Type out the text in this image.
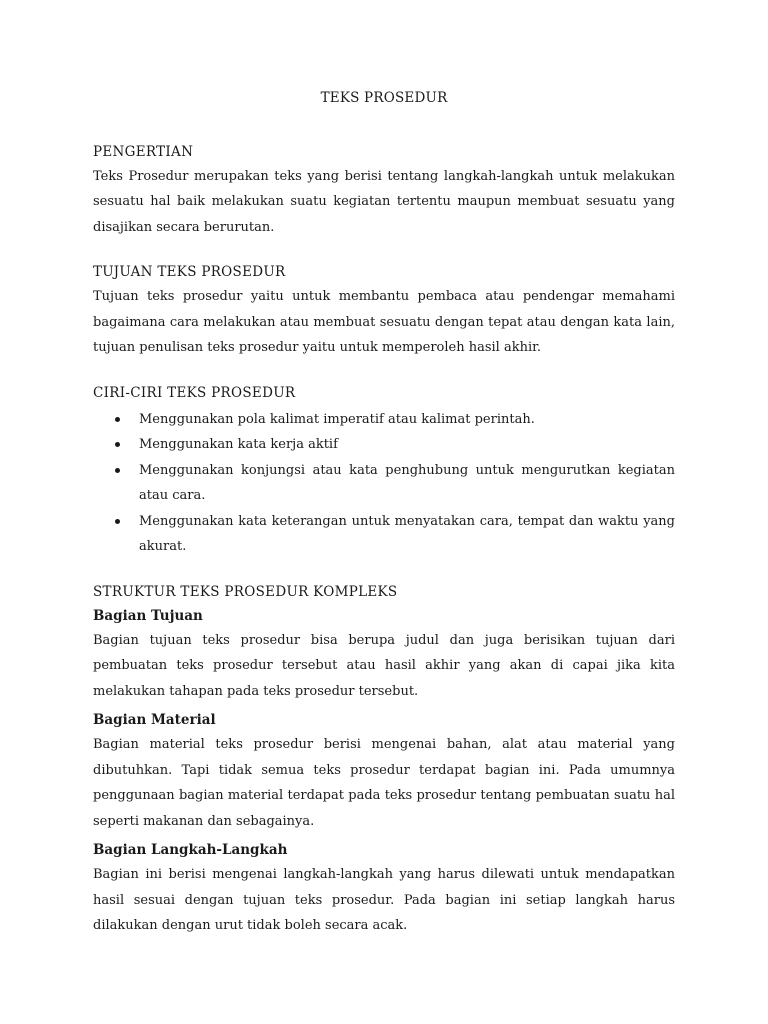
TEKS PROSEDUR
PENGERTIAN

Teks Prosedur merupakan teks yang berisi tentang langkah-langkah untuk melakukan sesuatu hal baik melakukan suatu kegiatan tertentu maupun membuat sesuatu yang disajikan secara berurutan.

TUJUAN TEKS PROSEDUR

Tujuan teks prosedur yaitu untuk membantu pembaca atau pendengar memahami bagaimana cara melakukan atau membuat sesuatu dengan tepat atau dengan kata lain, tujuan penulisan teks prosedur yaitu untuk memperoleh hasil akhir.

CIRI-CIRI TEKS PROSEDUR
Menggunakan pola kalimat imperatif atau kalimat perintah.
Menggunakan kata kerja aktif
Menggunakan konjungsi atau kata penghubung untuk mengurutkan kegiatan atau cara.
Menggunakan kata keterangan untuk menyatakan cara, tempat dan waktu yang akurat.
STRUKTUR TEKS PROSEDUR KOMPLEKS
Bagian Tujuan

Bagian tujuan teks prosedur bisa berupa judul dan juga berisikan tujuan dari pembuatan teks prosedur tersebut atau hasil akhir yang akan di capai jika kita melakukan tahapan pada teks prosedur tersebut.

Bagian Material

Bagian material teks prosedur berisi mengenai bahan, alat atau material yang dibutuhkan. Tapi tidak semua teks prosedur terdapat bagian ini. Pada umumnya penggunaan bagian material terdapat pada teks prosedur tentang pembuatan suatu hal seperti makanan dan sebagainya.

Bagian Langkah-Langkah

Bagian ini berisi mengenai langkah-langkah yang harus dilewati untuk mendapatkan hasil sesuai dengan tujuan teks prosedur. Pada bagian ini setiap langkah harus dilakukan dengan urut tidak boleh secara acak.
